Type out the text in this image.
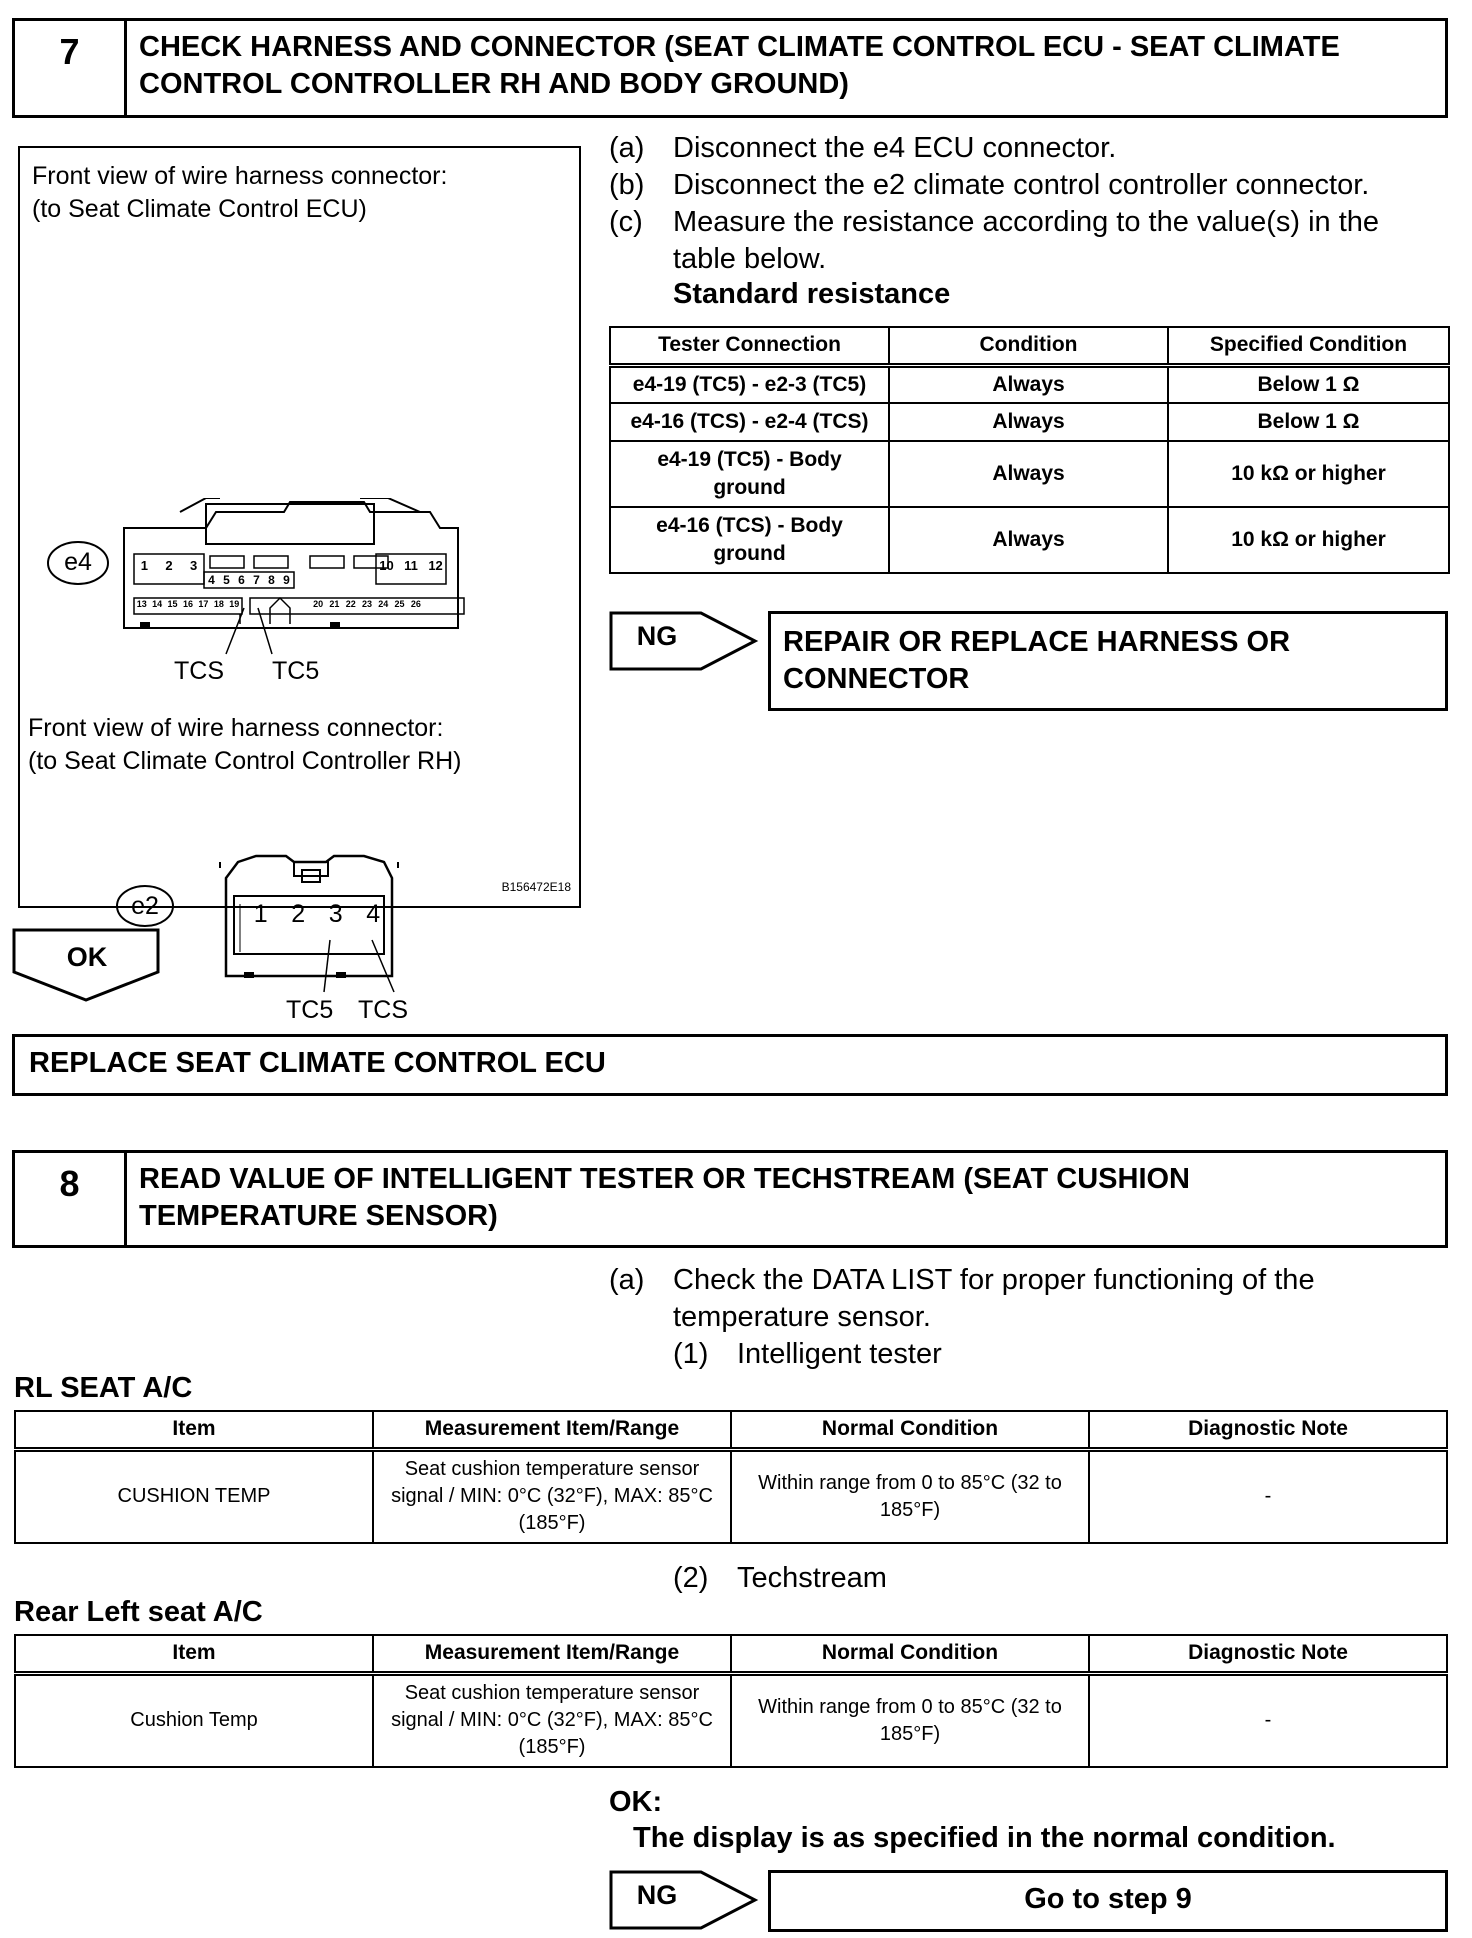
7	CHECK HARNESS AND CONNECTOR (SEAT CLIMATE CONTROL ECU - SEAT CLIMATE
CONTROL CONTROLLER RH AND BODY GROUND)
Front view of wire harness connector:
(to Seat Climate Control ECU)
e4	1 2 3	10 11 12
4 5 6 7 8 9
13 14 15 16 17 18 19	20 21 22 23 24 25 26
TCS TC5
Front view of wire harness connector:
(to Seat Climate Control Controller RH)
e2	1 2 3 4
TC5 TCS
B156472E18
(a) Disconnect the e4 ECU connector.
(b) Disconnect the e2 climate control controller connector.
(c) Measure the resistance according to the value(s) in the
table below.
Standard resistance
Tester Connection	Condition	Specified Condition
e4-19 (TC5) - e2-3 (TC5)	Always	Below 1 Ω
e4-16 (TCS) - e2-4 (TCS)	Always	Below 1 Ω
e4-19 (TC5) - Body ground	Always	10 kΩ or higher
e4-16 (TCS) - Body ground	Always	10 kΩ or higher
NG	REPAIR OR REPLACE HARNESS OR
CONNECTOR
OK
REPLACE SEAT CLIMATE CONTROL ECU
8	READ VALUE OF INTELLIGENT TESTER OR TECHSTREAM (SEAT CUSHION
TEMPERATURE SENSOR)
(a) Check the DATA LIST for proper functioning of the
temperature sensor.
(1) Intelligent tester
RL SEAT A/C
Item	Measurement Item/Range	Normal Condition	Diagnostic Note
CUSHION TEMP	Seat cushion temperature sensor signal / MIN: 0°C (32°F), MAX: 85°C (185°F)	Within range from 0 to 85°C (32 to 185°F)	-
(2) Techstream
Rear Left seat A/C
Item	Measurement Item/Range	Normal Condition	Diagnostic Note
Cushion Temp	Seat cushion temperature sensor signal / MIN: 0°C (32°F), MAX: 85°C (185°F)	Within range from 0 to 85°C (32 to 185°F)	-
OK:
The display is as specified in the normal condition.
NG	Go to step 9
